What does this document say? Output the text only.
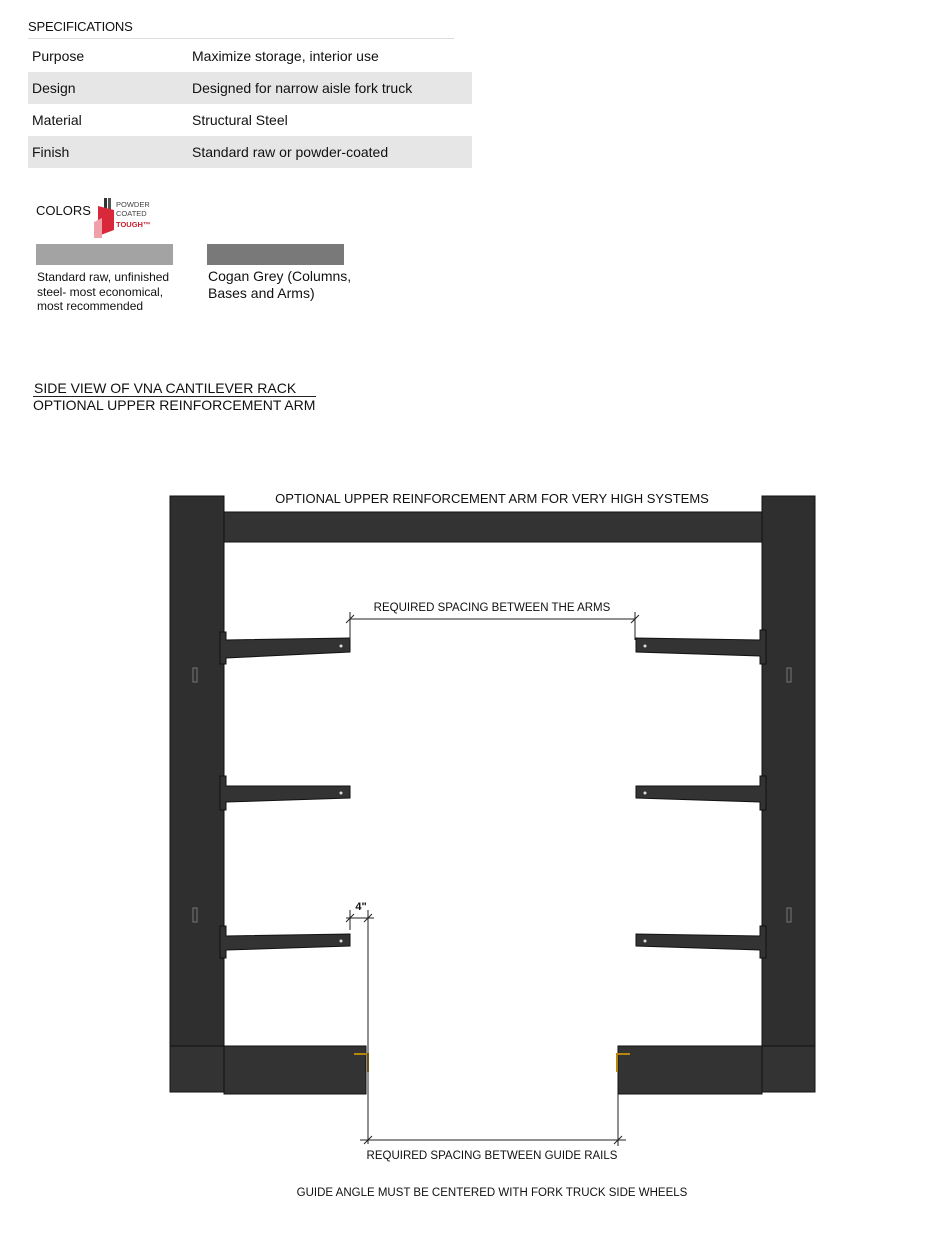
SPECIFICATIONS
Purpose	Maximize storage, interior use
Design	Designed for narrow aisle fork truck
Material	Structural Steel
Finish	Standard raw or powder-coated
COLORS	POWDER
COATED
TOUGH™
Standard raw, unfinished steel- most economical, most recommended
Cogan Grey (Columns, Bases and Arms)
SIDE VIEW OF VNA CANTILEVER RACK
OPTIONAL UPPER REINFORCEMENT ARM
OPTIONAL UPPER REINFORCEMENT ARM FOR VERY HIGH SYSTEMS
REQUIRED SPACING BETWEEN THE ARMS
4"
REQUIRED SPACING BETWEEN GUIDE RAILS
GUIDE ANGLE MUST BE CENTERED WITH FORK TRUCK SIDE WHEELS
